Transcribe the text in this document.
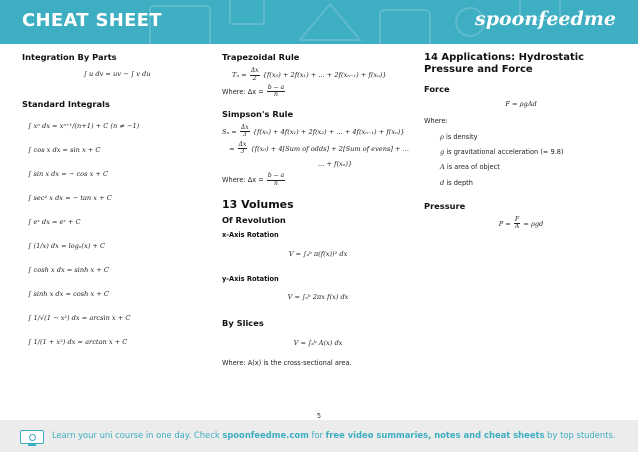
CHEAT SHEET	spoonfeedme
Integration By Parts
∫ u dv = uv − ∫ v du
Standard Integrals
∫ xⁿ dx = xⁿ⁺¹/(n+1) + C (n ≠ −1)
∫ cos x dx = sin x + C
∫ sin x dx = − cos x + C
∫ sec² x dx = − tan x + C
∫ eˣ dx = eˣ + C
∫ (1/x) dx = logₑ(x) + C
∫ cosh x dx = sinh x + C
∫ sinh x dx = cosh x + C
∫ 1/√(1 − x²) dx = arcsin x + C
∫ 1/(1 + x²) dx = arctan x + C
Trapezoidal Rule
$T_n = \frac{\Delta x}{2} \{f(x_0) + 2f(x_1)$ + ... + 2f(xₙ₋₁) + f(xₙ)}
Where: $\Delta x = \frac{b - a}{n}$
Simpson's Rule
$S_n = \frac{\Delta x}{3} \{f(x_0) + 4f(x_1) + 2f(x_2)$ + ... + 4f(xₙ₋₁) + f(xₙ)}
= $\frac{\Delta x}{3} \{f(x_0) + 4[Sum$ of odds] + 2[Sum of evens] + ...
... + f(xₙ)}
Where: $\Delta x = \frac{b - a}{n}$
13 Volumes
Of Revolution
x-Axis Rotation
V = ∫ₐᵇ π(f(x))² dx
y-Axis Rotation
V = ∫ₐᵇ 2πx f(x) dx
By Slices
V = ∫ₐᵇ A(x) dx
Where: A(x) is the cross-sectional area.
14 Applications: Hydrostatic Pressure and Force
Force
F = ρgAd
Where:
ρ is density
g is gravitational acceleration (≈ 9.8)
A is area of object
d is depth
Pressure
$P = \frac{F}{A} = \rho gd$
5
Learn your uni course in one day. Check spoonfeedme.com for free video summaries, notes and cheat sheets by top students.
